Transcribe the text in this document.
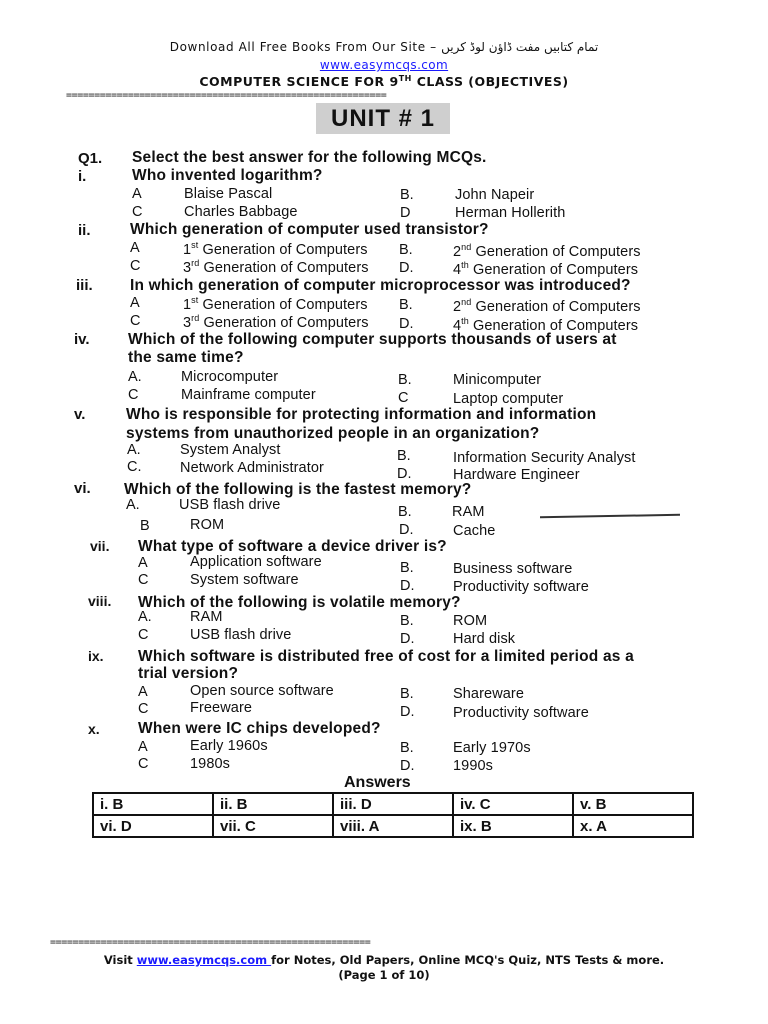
Download All Free Books From Our Site – تمام کتابیں مفت ڈاؤن لوڈ کریں
www.easymcqs.com
COMPUTER SCIENCE FOR 9TH CLASS (OBJECTIVES)
=========================================================
UNIT # 1
Q1. Select the best answer for the following MCQs.
i.	Who invented logarithm?
A	Blaise Pascal	B.	John Napeir
C	Charles Babbage	D	Herman Hollerith
ii.	Which generation of computer used transistor?
A	1st Generation of Computers B.	2nd Generation of Computers
C	3rd Generation of Computers D.	4th Generation of Computers
iii. In which generation of computer microprocessor was introduced?
A	1st Generation of Computers B.	2nd Generation of Computers
C	3rd Generation of Computers D.	4th Generation of Computers
iv. Which of the following computer supports thousands of users at
the same time?
A.	Microcomputer	B.	Minicomputer
C	Mainframe computer	C	Laptop computer
v.	Who is responsible for protecting information and information
systems from unauthorized people in an organization?
A.	System Analyst	B.	Information Security Analyst
C.	Network Administrator	D.	Hardware Engineer
vi. Which of the following is the fastest memory?
A.	USB flash drive	B.	RAM
B	ROM	D.	Cache
vii. What type of software a device driver is?
A	Application software	B.	Business software
C	System software	D.	Productivity software
viii. Which of the following is volatile memory?
A.	RAM	B.	ROM
C	USB flash drive	D.	Hard disk
ix. Which software is distributed free of cost for a limited period as a
trial version?
A	Open source software	B.	Shareware
C	Freeware	D.	Productivity software
x. When were IC chips developed?
A	Early 1960s	B.	Early 1970s
C	1980s	D.	1990s
Answers
i. B	ii. B	iii. D	iv. C	v. B
vi. D	vii. C	viii. A	ix. B	x. A
=========================================================
Visit www.easymcqs.com for Notes, Old Papers, Online MCQ's Quiz, NTS Tests & more.
(Page 1 of 10)
